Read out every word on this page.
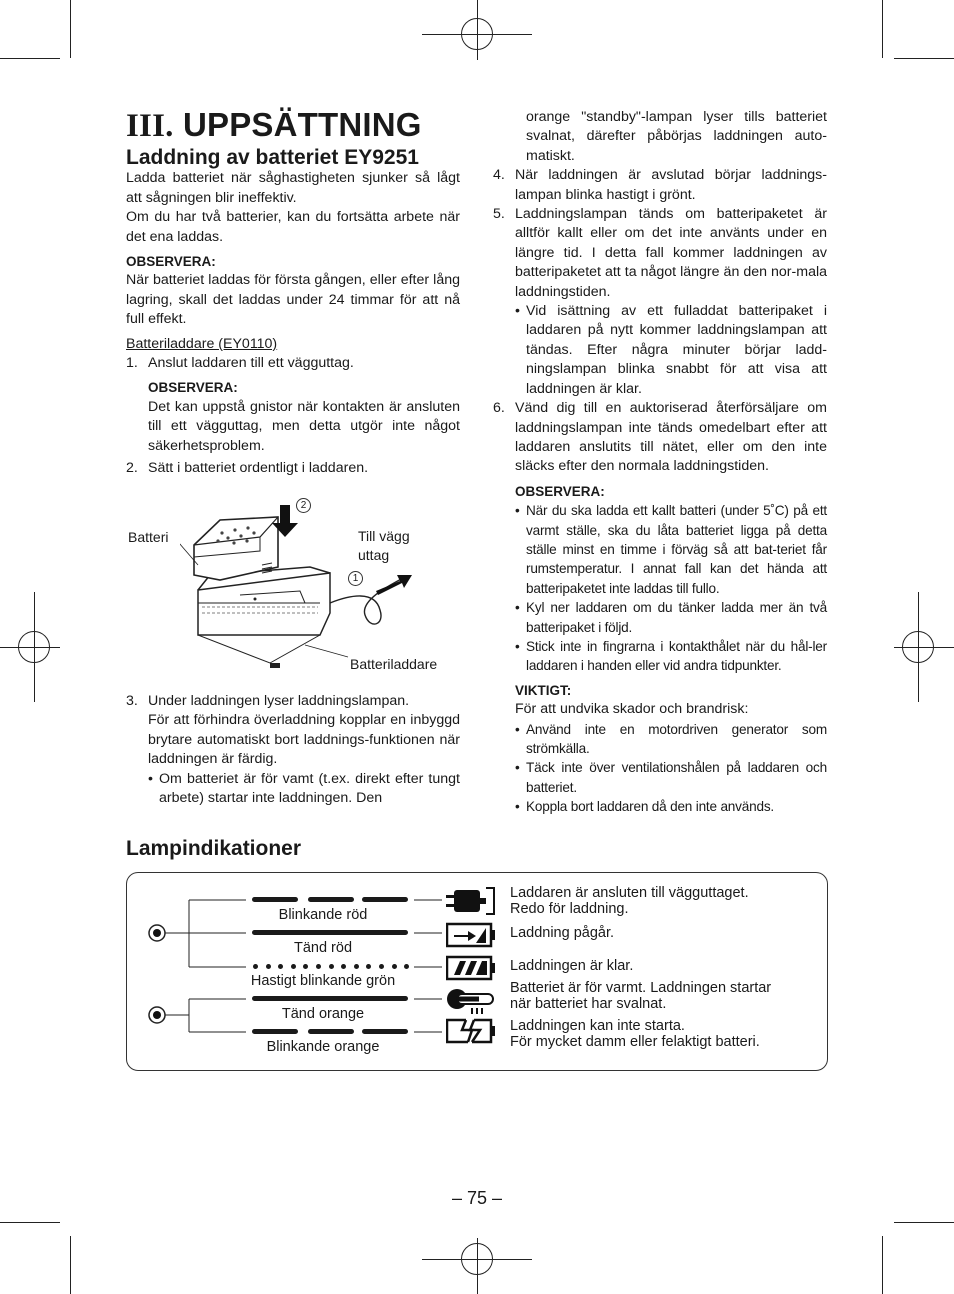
III. UPPSÄTTNING

Laddning av batteriet EY9251

Ladda batteriet när såghastigheten sjunker så lågt att sågningen blir ineffektiv.

Om du har två batterier, kan du fortsätta arbete när det ena laddas.

OBSERVERA:

När batteriet laddas för första gången, eller efter lång lagring, skall det laddas under 24 timmar för att nå full effekt.

Batteriladdare (EY0110)

1. Anslut laddaren till ett vägguttag.

OBSERVERA:

Det kan uppstå gnistor när kontakten är ansluten till ett vägguttag, men detta utgör inte något säkerhetsproblem.

2. Sätt i batteriet ordentligt i laddaren.

Batteri	Till vägg uttag
Batteriladdare
2
1

3. Under laddningen lyser laddningslampan.

För att förhindra överladdning kopplar en inbyggd brytare automatiskt bort laddnings-funktionen när laddningen är färdig.

• Om batteriet är för vamt (t.ex. direkt efter tungt arbete) startar inte laddningen. Den

orange "standby"-lampan lyser tills batteriet svalnat, därefter påbörjas laddningen auto-matiskt.

4. När laddningen är avslutad börjar laddnings-lampan blinka hastigt i grönt.

5. Laddningslampan tänds om batteripaketet är alltför kallt eller om det inte använts under en längre tid. I detta fall kommer laddningen av batteripaketet att ta något längre än den nor-mala laddningstiden.

• Vid isättning av ett fulladdat batteripaket i laddaren på nytt kommer laddningslampan att tändas. Efter några minuter börjar ladd-ningslampan blinka snabbt för att visa att laddningen är klar.

6. Vänd dig till en auktoriserad återförsäljare om laddningslampan inte tänds omedelbart efter att laddaren anslutits till nätet, eller om den inte släcks efter den normala laddningstiden.

OBSERVERA:

• När du ska ladda ett kallt batteri (under 5˚C) på ett varmt ställe, ska du låta batteriet ligga på detta ställe minst en timme i förväg så att bat-teriet får rumstemperatur. I annat fall kan det hända att batteripaketet inte laddas till fullo.

• Kyl ner laddaren om du tänker ladda mer än två batteripaket i följd.

• Stick inte in fingrarna i kontakthålet när du hål-ler laddaren i handen eller vid andra tidpunkter.

VIKTIGT:

För att undvika skador och brandrisk:

• Använd inte en motordriven generator som strömkälla.

• Täck inte över ventilationshålen på laddaren och batteriet.

• Koppla bort laddaren då den inte används.

Lampindikationer
Blinkande röd
Tänd röd
Hastigt blinkande grön
Tänd orange
Blinkande orange
Laddaren är ansluten till vägguttaget.
Redo för laddning.
Laddning pågår.
Laddningen är klar.
Batteriet är för varmt. Laddningen startar
när batteriet har svalnat.
Laddningen kan inte starta.
För mycket damm eller felaktigt batteri.
– 75 –
